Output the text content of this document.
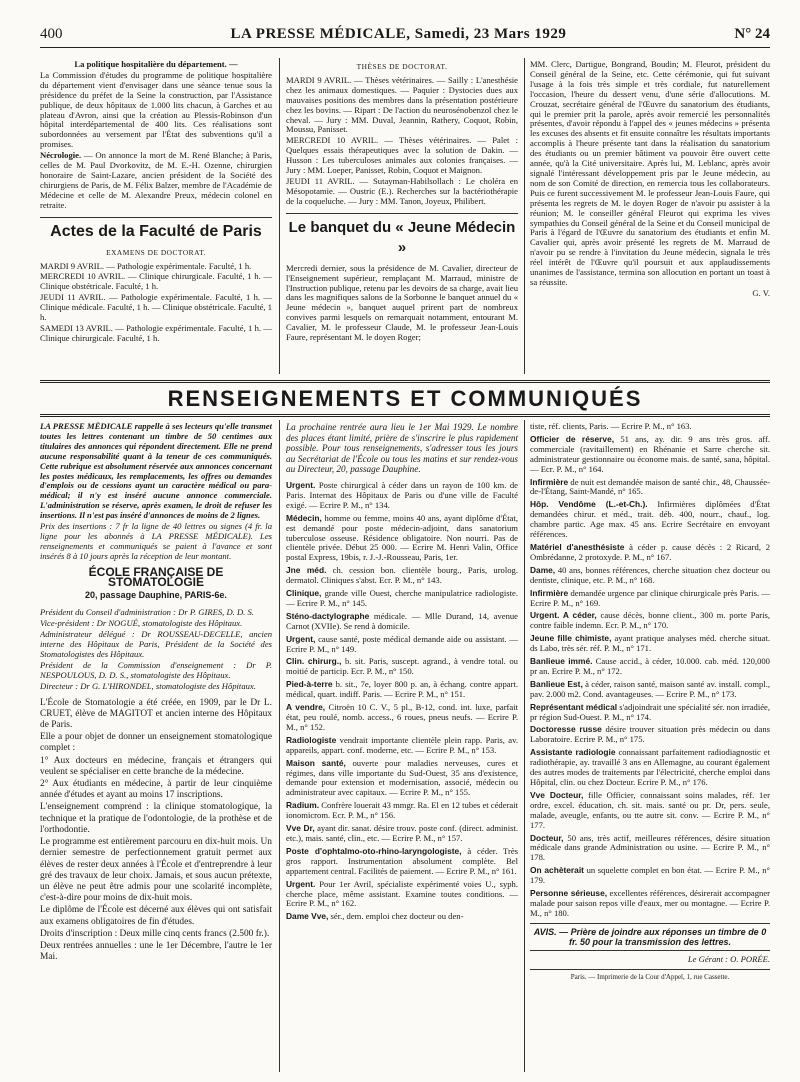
400	LA PRESSE MÉDICALE, Samedi, 23 Mars 1929	N° 24

La politique hospitalière du département. —

La Commission d'études du programme de politique hospitalière du département vient d'envisager dans une séance tenue sous la présidence du préfet de la Seine la construction, par l'Assistance publique, de deux hôpitaux de 1.000 lits chacun, à Garches et au plateau d'Avron, ainsi que la création au Plessis-Robinson d'un hôpital interdépartemental de 400 lits. Ces réalisations sont subordonnées au versement par l'État des subventions qu'il a promises.

Nécrologie. — On annonce la mort de M. René Blanche; à Paris, celles de M. Paul Dvorkovitz, de M. E.-H. Ozenne, chirurgien honoraire de Saint-Lazare, ancien président de la Société des chirurgiens de Paris, de M. Félix Balzer, membre de l'Académie de Médecine et celle de M. Alexandre Preux, médecin colonel en retraite.

Actes de la Faculté de Paris
EXAMENS DE DOCTORAT.

MARDI 9 AVRIL. — Pathologie expérimentale. Faculté, 1 h.

MERCREDI 10 AVRIL. — Clinique chirurgicale. Faculté, 1 h. — Clinique obstétricale. Faculté, 1 h.

JEUDI 11 AVRIL. — Pathologie expérimentale. Faculté, 1 h. — Clinique médicale. Faculté, 1 h. — Clinique obstétricale. Faculté, 1 h.

SAMEDI 13 AVRIL. — Pathologie expérimentale. Faculté, 1 h. — Clinique chirurgicale. Faculté, 1 h.

THÈSES DE DOCTORAT.

MARDI 9 AVRIL. — Thèses vétérinaires. — Sailly : L'anesthésie chez les animaux domestiques. — Paquier : Dystocies dues aux mauvaises positions des membres dans la présentation postérieure chez les bovins. — Ripart : De l'action du neurosénobenzol chez le cheval. — Jury : MM. Duval, Jeannin, Rathery, Coquot, Robin, Moussu, Panisset.

MERCREDI 10 AVRIL. — Thèses vétérinaires. — Palet : Quelques essais thérapeutiques avec la solution de Dakin. — Husson : Les tuberculoses animales aux colonies françaises. — Jury : MM. Loeper, Panisset, Robin, Coquot et Maignon.

JEUDI 11 AVRIL. — Sutayman-Habilsollach : Le choléra en Mésopotamie. — Oustric (E.). Recherches sur la bactériothérapie de la coqueluche. — Jury : MM. Tanon, Joyeux, Philibert.

Le banquet du « Jeune Médecin »

Mercredi dernier, sous la présidence de M. Cavalier, directeur de l'Enseignement supérieur, remplaçant M. Marraud, ministre de l'Instruction publique, retenu par les devoirs de sa charge, avait lieu dans les magnifiques salons de la Sorbonne le banquet annuel du « Jeune médecin », banquet auquel prirent part de nombreux convives parmi lesquels on remarquait notamment, entourant M. Cavalier, M. le professeur Claude, M. le professeur Jean-Louis Faure, représentant M. le doyen Roger;

MM. Clerc, Dartigue, Bongrand, Boudin; M. Fleurot, président du Conseil général de la Seine, etc. Cette cérémonie, qui fut suivant l'usage à la fois très simple et très cordiale, fut naturellement l'occasion, l'heure du dessert venu, d'une série d'allocutions. M. Crouzat, secrétaire général de l'Œuvre du sanatorium des étudiants, qui le premier prit la parole, après avoir remercié les personnalités présentes, d'avoir répondu à l'appel des « jeunes médecins » présenta les excuses des absents et fit ensuite connaître les résultats importants accomplis à l'heure présente tant dans la réalisation du sanatorium des étudiants ou un premier bâtiment va pouvoir être ouvert cette année, qu'à la Cité universitaire. Après lui, M. Leblanc, après avoir signalé l'intéressant développement pris par le Jeune médecin, au nom de son Comité de direction, en remercia tous les collaborateurs. Puis ce furent successivement M. le professeur Jean-Louis Faure, qui présenta les regrets de M. le doyen Roger de n'avoir pu assister à la réunion; M. le conseiller général Fleurot qui exprima les vives sympathies du Conseil général de la Seine et du Conseil municipal de Paris à l'égard de l'Œuvre du sanatorium des étudiants et enfin M. Cavalier qui, après avoir présenté les regrets de M. Marraud de n'avoir pu se rendre à l'invitation du Jeune médecin, signala le très réel intérêt de l'Œuvre qu'il poursuit et aux applaudissements unanimes de l'assistance, termina son allocution en portant un toast à sa réussite.

G. V.

RENSEIGNEMENTS ET COMMUNIQUÉS

LA PRESSE MÉDICALE rappelle à ses lecteurs qu'elle transmet toutes les lettres contenant un timbre de 50 centimes aux titulaires des annonces qui répondent directement. Elle ne prend aucune responsabilité quant à la teneur de ces communiqués. Cette rubrique est absolument réservée aux annonces concernant les postes médicaux, les remplacements, les offres ou demandes d'emplois ou de cessions ayant un caractère médical ou para-médical; il n'y est inséré aucune annonce commerciale. L'administration se réserve, après examen, le droit de refuser les insertions. Il n'est pas inséré d'annonces de moins de 2 lignes.

Prix des insertions : 7 fr la ligne de 40 lettres ou signes (4 fr. la ligne pour les abonnés à LA PRESSE MÉDICALE). Les renseignements et communiqués se paient à l'avance et sont insérés 8 à 10 jours après la réception de leur montant.

ÉCOLE FRANÇAISE DE STOMATOLOGIE
20, passage Dauphine, PARIS-6e.

Président du Conseil d'administration : Dr P. GIRES, D. D. S.

Vice-président : Dr NOGUÉ, stomatologiste des Hôpitaux.

Administrateur délégué : Dr ROUSSEAU-DECELLE, ancien interne des Hôpitaux de Paris, Président de la Société des Stomatologistes des Hôpitaux.

Président de la Commission d'enseignement : Dr P. NESPOULOUS, D. D. S., stomatologiste des Hôpitaux.

Directeur : Dr G. L'HIRONDEL, stomatologiste des Hôpitaux.

L'École de Stomatologie a été créée, en 1909, par le Dr L. CRUET, élève de MAGITOT et ancien interne des Hôpitaux de Paris.

Elle a pour objet de donner un enseignement stomatologique complet :

1° Aux docteurs en médecine, français et étrangers qui veulent se spécialiser en cette branche de la médecine.

2° Aux étudiants en médecine, à partir de leur cinquième année d'études et ayant au moins 17 inscriptions.

L'enseignement comprend : la clinique stomatologique, la technique et la pratique de l'odontologie, de la prothèse et de l'orthodontie.

Le programme est entièrement parcouru en dix-huit mois. Un dernier semestre de perfectionnement gratuit permet aux élèves de rester deux années à l'École et d'entreprendre à leur gré des travaux de leur choix. Jamais, et sous aucun prétexte, un élève ne peut être admis pour une scolarité incomplète, c'est-à-dire pour moins de dix-huit mois.

Le diplôme de l'École est décerné aux élèves qui ont satisfait aux examens obligatoires de fin d'études.

Droits d'inscription : Deux mille cinq cents francs (2.500 fr.).

Deux rentrées annuelles : une le 1er Décembre, l'autre le 1er Mai.

La prochaine rentrée aura lieu le 1er Mai 1929. Le nombre des places étant limité, prière de s'inscrire le plus rapidement possible. Pour tous renseignements, s'adresser tous les jours au Secrétariat de l'École ou tous les matins et sur rendez-vous au Directeur, 20, passage Dauphine.

Urgent. Poste chirurgical à céder dans un rayon de 100 km. de Paris. Internat des Hôpitaux de Paris ou d'une ville de Faculté exigé. — Ecrire P. M., n° 134.

Médecin, homme ou femme, moins 40 ans, ayant diplôme d'État, est demandé pour poste médecin-adjoint, dans sanatorium tuberculose osseuse. Résidence obligatoire. Non nourri. Pas de clientèle privée. Début 25 000. — Ecrire M. Henri Valin, Office postal Express, 19bis, r. J.-J.-Rousseau, Paris, 1er.

Jne méd. ch. cession bon. clientèle bourg., Paris, urolog. dermatol. Cliniques s'abst. Ecr. P. M., n° 143.

Clinique, grande ville Ouest, cherche manipulatrice radiologiste. — Ecrire P. M., n° 145.

Sténo-dactylographe médicale. — Mlle Durand, 14, avenue Carnot (XVIIe). Se rend à domicile.

Urgent, cause santé, poste médical demande aide ou assistant. — Ecrire P. M., n° 149.

Clin. chirurg., b. sit. Paris, suscept. agrand., à vendre total. ou moitié de particip. Ecr. P. M., n° 150.

Pied-à-terre b. sit., 7e, loyer 800 p. an, à échang. contre appart. médical, quart. indiff. Paris. — Ecrire P. M., n° 151.

A vendre, Citroën 10 C. V., 5 pl., B-12, cond. int. luxe, parfait état, peu roulé, nomb. access., 6 roues, pneus neufs. — Ecrire P. M., n° 152.

Radiologiste vendrait importante clientèle plein rapp. Paris, av. appareils, appart. conf. moderne, etc. — Ecrire P. M., n° 153.

Maison santé, ouverte pour maladies nerveuses, cures et régimes, dans ville importante du Sud-Ouest, 35 ans d'existence, demande pour extension et modernisation, associé, médecin ou administrateur avec capitaux. — Ecrire P. M., n° 155.

Radium. Confrère louerait 43 mmgr. Ra. El en 12 tubes et céderait ionomicrom. Ecr. P. M., n° 156.

Vve Dr, ayant dir. sanat. désire trouv. poste conf. (direct. administ. etc.), mais. santé, clin., etc. — Ecrire P. M., n° 157.

Poste d'ophtalmo-oto-rhino-laryngologiste, à céder. Très gros rapport. Instrumentation absolument complète. Bel appartement central. Facilités de paiement. — Ecrire P. M., n° 161.

Urgent. Pour 1er Avril, spécialiste expérimenté voies U., syph. cherche place, même assistant. Examine toutes conditions. — Ecrire P. M., n° 162.

Dame Vve, sér., dem. emploi chez docteur ou den-

tiste, réf. clients, Paris. — Ecrire P. M., n° 163.

Officier de réserve, 51 ans, ay. dir. 9 ans très gros. aff. commerciale (ravitaillement) en Rhénanie et Sarre cherche sit. administrateur gestionnaire ou économe mais. de santé, sana, hôpital. — Ecr. P. M., n° 164.

Infirmière de nuit est demandée maison de santé chir., 48, Chaussée-de-l'Étang, Saint-Mandé, n° 165.

Hôp. Vendôme (L.-et-Ch.). Infirmières diplômées d'État demandées chirur. et méd., trait. déb. 400, nourr., chauf., log. chambre partic. Age max. 45 ans. Ecrire Secrétaire en envoyant références.

Matériel d'anesthésiste à céder p. cause décès : 2 Ricard, 2 Ombrédanne, 2 protoxyde. P. M., n° 167.

Dame, 40 ans, bonnes références, cherche situation chez docteur ou dentiste, clinique, etc. P. M., n° 168.

Infirmière demandée urgence par clinique chirurgicale près Paris. — Ecrire P. M., n° 169.

Urgent. A céder, cause décès, bonne client., 300 m. porte Paris, contre faible indemn. Ecr. P. M., n° 170.

Jeune fille chimiste, ayant pratique analyses méd. cherche situat. ds Labo, très sér. réf. P. M., n° 171.

Banlieue immé. Cause accid., à céder, 10.000. cab. méd. 120,000 pr an. Ecrire P. M., n° 172.

Banlieue Est, à céder, raison santé, maison santé av. install. compl., pav. 2.000 m2. Cond. avantageuses. — Ecrire P. M., n° 173.

Représentant médical s'adjoindrait une spécialité sér. non irradiée, pr région Sud-Ouest. P. M., n° 174.

Doctoresse russe désire trouver situation près médecin ou dans Laboratoire. Ecrire P. M., n° 175.

Assistante radiologie connaissant parfaitement radiodiagnostic et radiothérapie, ay. travaillé 3 ans en Allemagne, au courant également des autres modes de traitements par l'électricité, cherche emploi dans Hôpital, clin. ou chez Docteur. Ecrire P. M., n° 176.

Vve Docteur, fille Officier, connaissant soins malades, réf. 1er ordre, excel. éducation, ch. sit. mais. santé ou pr. Dr, pers. seule, malade, aveugle, enfants, ou tte autre sit. conv. — Ecrire P. M., n° 177.

Docteur, 50 ans, très actif, meilleures références, désire situation médicale dans grande Administration ou usine. — Ecrire P. M., n° 178.

On achèterait un squelette complet en bon état. — Ecrire P. M., n° 179.

Personne sérieuse, excellentes références, désirerait accompagner malade pour saison repos ville d'eaux, mer ou montagne. — Ecrire P. M., n° 180.

AVIS. — Prière de joindre aux réponses un timbre de 0 fr. 50 pour la transmission des lettres.
Le Gérant : O. PORÉE.
Paris. — Imprimerie de la Cour d'Appel, 1, rue Cassette.
